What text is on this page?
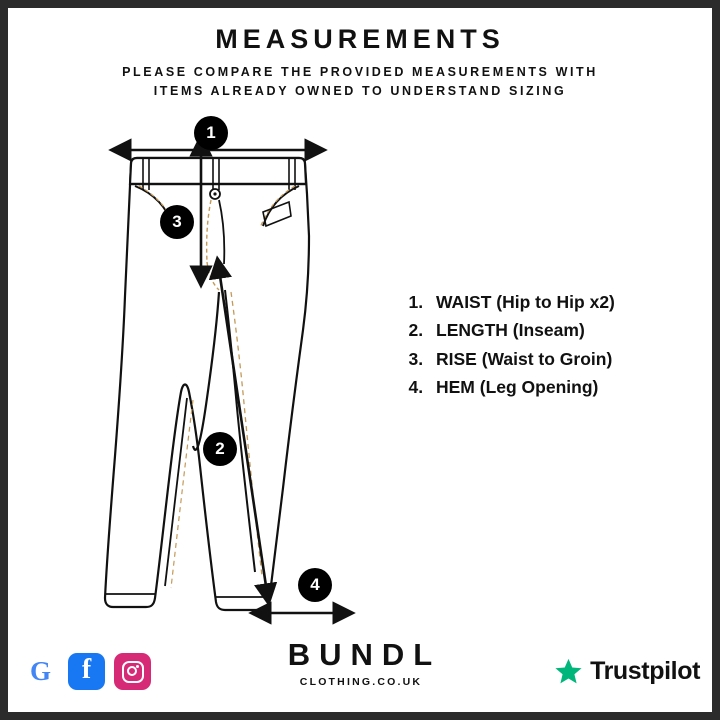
MEASUREMENTS
PLEASE COMPARE THE PROVIDED MEASUREMENTS WITH
ITEMS ALREADY OWNED TO UNDERSTAND SIZING
1
3
2
4
1. WAIST (Hip to Hip x2)
2. LENGTH (Inseam)
3. RISE (Waist to Groin)
4. HEM (Leg Opening)
G	f	BUNDL
CLOTHING.CO.UK	Trustpilot
